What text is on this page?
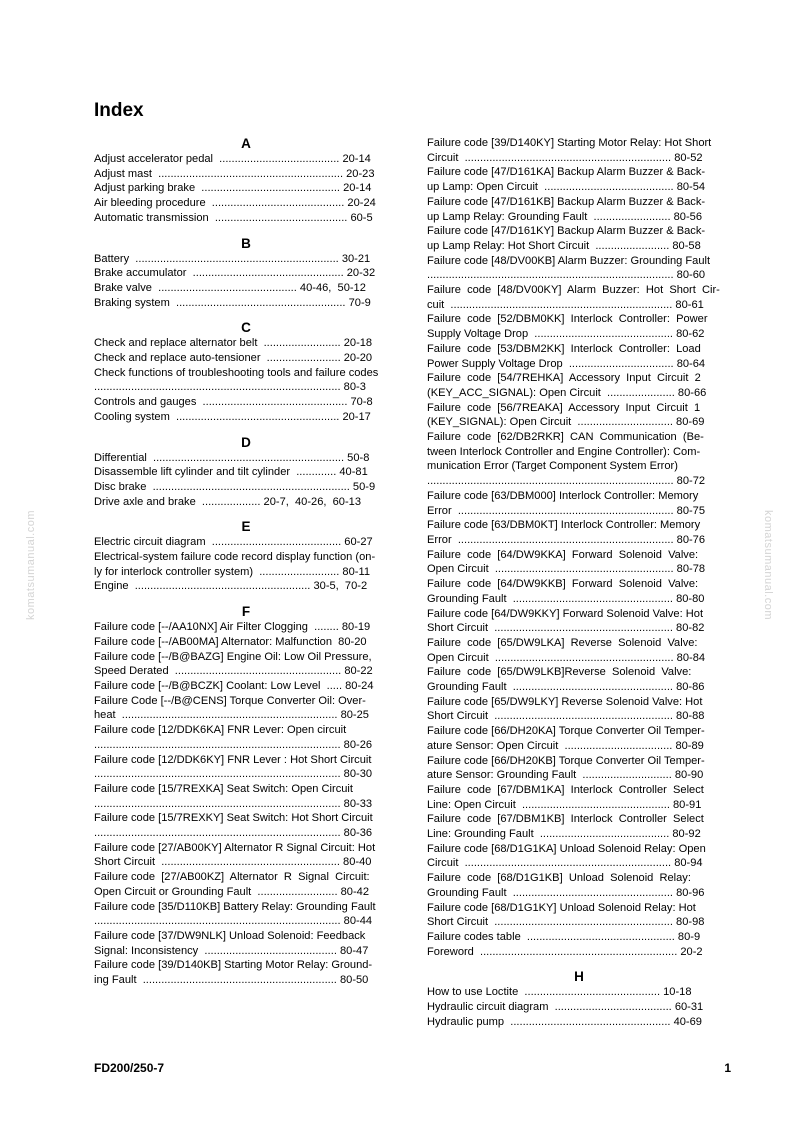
Index
A
Adjust accelerator pedal  ....................................... 20-14
Adjust mast  ............................................................ 20-23
Adjust parking brake  ............................................. 20-14
Air bleeding procedure  ........................................... 20-24
Automatic transmission  ........................................... 60-5
B
Battery  .................................................................. 30-21
Brake accumulator  ................................................. 20-32
Brake valve  ............................................. 40-46,  50-12
Braking system  ....................................................... 70-9
C
Check and replace alternator belt  ......................... 20-18
Check and replace auto-tensioner  ........................ 20-20
Check functions of troubleshooting tools and failure codes
................................................................................ 80-3
Controls and gauges  ............................................... 70-8
Cooling system  ..................................................... 20-17
D
Differential  .............................................................. 50-8
Disassemble lift cylinder and tilt cylinder  ............. 40-81
Disc brake  ................................................................ 50-9
Drive axle and brake  ................... 20-7,  40-26,  60-13
E
Electric circuit diagram  .......................................... 60-27
Electrical-system failure code record display function (on-
ly for interlock controller system)  .......................... 80-11
Engine  ......................................................... 30-5,  70-2
F
Failure code [--/AA10NX] Air Filter Clogging  ........ 80-19
Failure code [--/AB00MA] Alternator: Malfunction  80-20
Failure code [--/B@BAZG] Engine Oil: Low Oil Pressure,
Speed Derated  ...................................................... 80-22
Failure code [--/B@BCZK] Coolant: Low Level  ..... 80-24
Failure Code [--/B@CENS] Torque Converter Oil: Over-
heat  ...................................................................... 80-25
Failure code [12/DDK6KA] FNR Lever: Open circuit
................................................................................ 80-26
Failure code [12/DDK6KY] FNR Lever : Hot Short Circuit
................................................................................ 80-30
Failure code [15/7REXKA] Seat Switch: Open Circuit
................................................................................ 80-33
Failure code [15/7REXKY] Seat Switch: Hot Short Circuit
................................................................................ 80-36
Failure code [27/AB00KY] Alternator R Signal Circuit: Hot
Short Circuit  .......................................................... 80-40
Failure code  [27/AB00KZ]  Alternator  R  Signal  Circuit:
Open Circuit or Grounding Fault  .......................... 80-42
Failure code [35/D110KB] Battery Relay: Grounding Fault
................................................................................ 80-44
Failure code [37/DW9NLK] Unload Solenoid: Feedback
Signal: Inconsistency  ........................................... 80-47
Failure code [39/D140KB] Starting Motor Relay: Ground-
ing Fault  ............................................................... 80-50
Failure code [39/D140KY] Starting Motor Relay: Hot Short
Circuit  ................................................................... 80-52
Failure code [47/D161KA] Backup Alarm Buzzer & Back-
up Lamp: Open Circuit  .......................................... 80-54
Failure code [47/D161KB] Backup Alarm Buzzer & Back-
up Lamp Relay: Grounding Fault  ......................... 80-56
Failure code [47/D161KY] Backup Alarm Buzzer & Back-
up Lamp Relay: Hot Short Circuit  ........................ 80-58
Failure code [48/DV00KB] Alarm Buzzer: Grounding Fault
................................................................................ 80-60
Failure  code  [48/DV00KY]  Alarm  Buzzer:  Hot  Short  Cir-
cuit  ........................................................................ 80-61
Failure  code  [52/DBM0KK]  Interlock  Controller:  Power
Supply Voltage Drop  ............................................. 80-62
Failure  code  [53/DBM2KK]  Interlock  Controller:  Load
Power Supply Voltage Drop  .................................. 80-64
Failure  code  [54/7REHKA]  Accessory  Input  Circuit  2
(KEY_ACC_SIGNAL): Open Circuit  ...................... 80-66
Failure  code  [56/7REAKA]  Accessory  Input  Circuit  1
(KEY_SIGNAL): Open Circuit  ............................... 80-69
Failure  code  [62/DB2RKR]  CAN  Communication  (Be-
tween Interlock Controller and Engine Controller): Com-
munication Error (Target Component System Error)
................................................................................ 80-72
Failure code [63/DBM000] Interlock Controller: Memory
Error  ...................................................................... 80-75
Failure code [63/DBM0KT] Interlock Controller: Memory
Error  ...................................................................... 80-76
Failure  code  [64/DW9KKA]  Forward  Solenoid  Valve:
Open Circuit  .......................................................... 80-78
Failure  code  [64/DW9KKB]  Forward  Solenoid  Valve:
Grounding Fault  .................................................... 80-80
Failure code [64/DW9KKY] Forward Solenoid Valve: Hot
Short Circuit  .......................................................... 80-82
Failure  code  [65/DW9LKA]  Reverse  Solenoid  Valve:
Open Circuit  .......................................................... 80-84
Failure  code  [65/DW9LKB]Reverse  Solenoid  Valve:
Grounding Fault  .................................................... 80-86
Failure code [65/DW9LKY] Reverse Solenoid Valve: Hot
Short Circuit  .......................................................... 80-88
Failure code [66/DH20KA] Torque Converter Oil Temper-
ature Sensor: Open Circuit  ................................... 80-89
Failure code [66/DH20KB] Torque Converter Oil Temper-
ature Sensor: Grounding Fault  ............................. 80-90
Failure  code  [67/DBM1KA]  Interlock  Controller  Select
Line: Open Circuit  ................................................ 80-91
Failure  code  [67/DBM1KB]  Interlock  Controller  Select
Line: Grounding Fault  .......................................... 80-92
Failure code [68/D1G1KA] Unload Solenoid Relay: Open
Circuit  ................................................................... 80-94
Failure  code  [68/D1G1KB]  Unload  Solenoid  Relay:
Grounding Fault  .................................................... 80-96
Failure code [68/D1G1KY] Unload Solenoid Relay: Hot
Short Circuit  .......................................................... 80-98
Failure codes table  ................................................ 80-9
Foreword  ................................................................ 20-2
H
How to use Loctite  ............................................ 10-18
Hydraulic circuit diagram  ...................................... 60-31
Hydraulic pump  .................................................... 40-69
komatsumanual.com	komatsumanual.com
FD200/250-7	1
